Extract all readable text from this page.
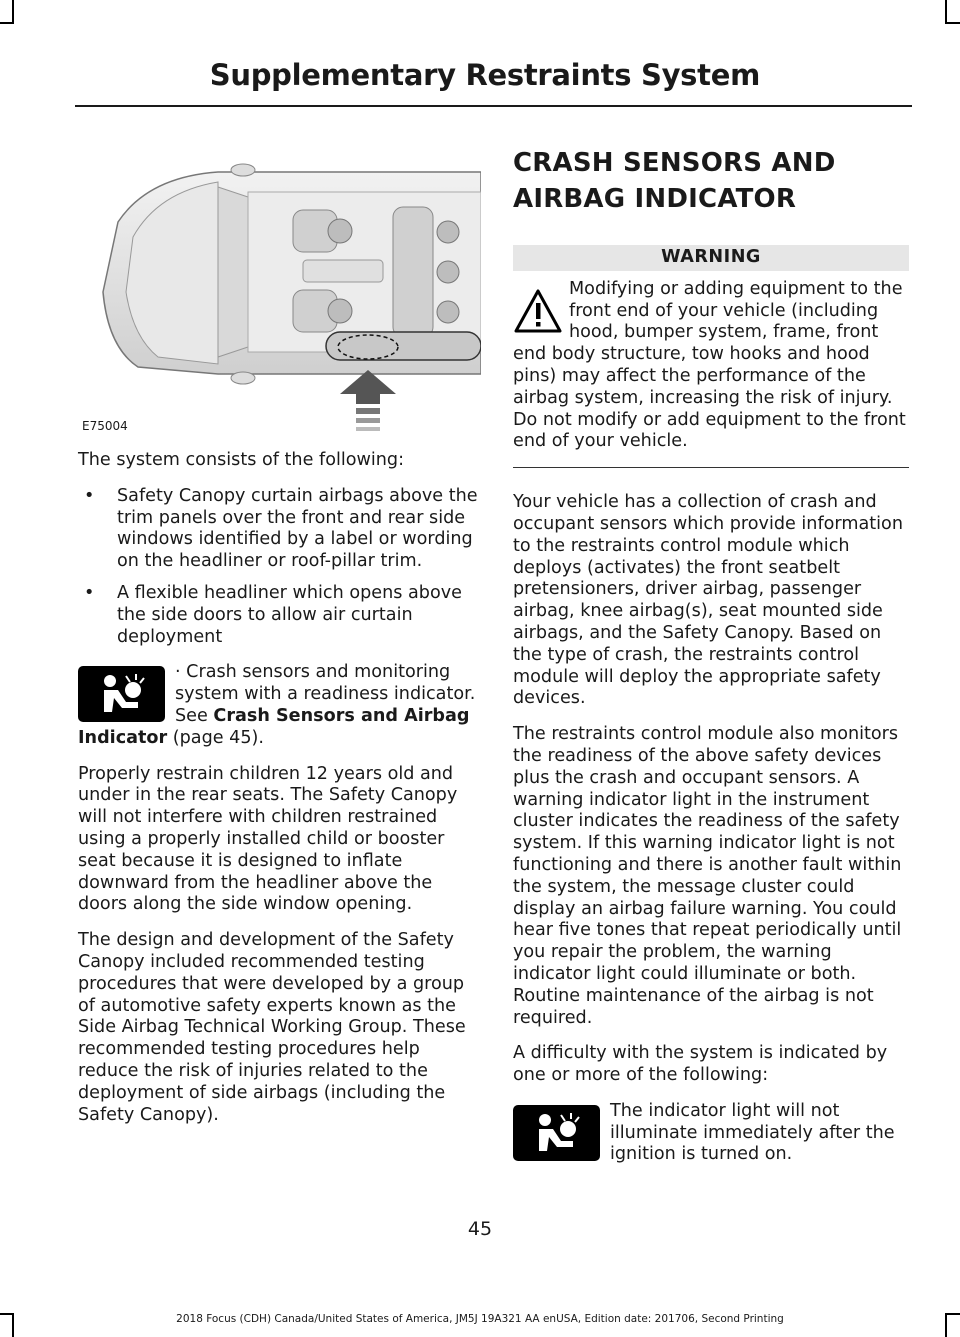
Supplementary Restraints System
E75004

The system consists of the following:

• Safety Canopy curtain airbags above the trim panels over the front and rear side windows identified by a label or wording on the headliner or roof-pillar trim.
• A flexible headliner which opens above the side doors to allow air curtain deployment
· Crash sensors and monitoring system with a readiness indicator. See Crash Sensors and Airbag Indicator (page 45).

Properly restrain children 12 years old and under in the rear seats. The Safety Canopy will not interfere with children restrained using a properly installed child or booster seat because it is designed to inflate downward from the headliner above the doors along the side window opening.

The design and development of the Safety Canopy included recommended testing procedures that were developed by a group of automotive safety experts known as the Side Airbag Technical Working Group. These recommended testing procedures help reduce the risk of injuries related to the deployment of side airbags (including the Safety Canopy).

CRASH SENSORS AND AIRBAG INDICATOR
WARNING
Modifying or adding equipment to the front end of your vehicle (including hood, bumper system, frame, front end body structure, tow hooks and hood pins) may affect the performance of the airbag system, increasing the risk of injury. Do not modify or add equipment to the front end of your vehicle.

Your vehicle has a collection of crash and occupant sensors which provide information to the restraints control module which deploys (activates) the front seatbelt pretensioners, driver airbag, passenger airbag, knee airbag(s), seat mounted side airbags, and the Safety Canopy. Based on the type of crash, the restraints control module will deploy the appropriate safety devices.

The restraints control module also monitors the readiness of the above safety devices plus the crash and occupant sensors. A warning indicator light in the instrument cluster indicates the readiness of the safety system. If this warning indicator light is not functioning and there is another fault within the system, the message cluster could display an airbag failure warning. You could hear five tones that repeat periodically until you repair the problem, the warning indicator light could illuminate or both. Routine maintenance of the airbag is not required.

A difficulty with the system is indicated by one or more of the following:

The indicator light will not illuminate immediately after the ignition is turned on.
45
2018 Focus (CDH) Canada/United States of America, JM5J 19A321 AA enUSA, Edition date: 201706, Second Printing
